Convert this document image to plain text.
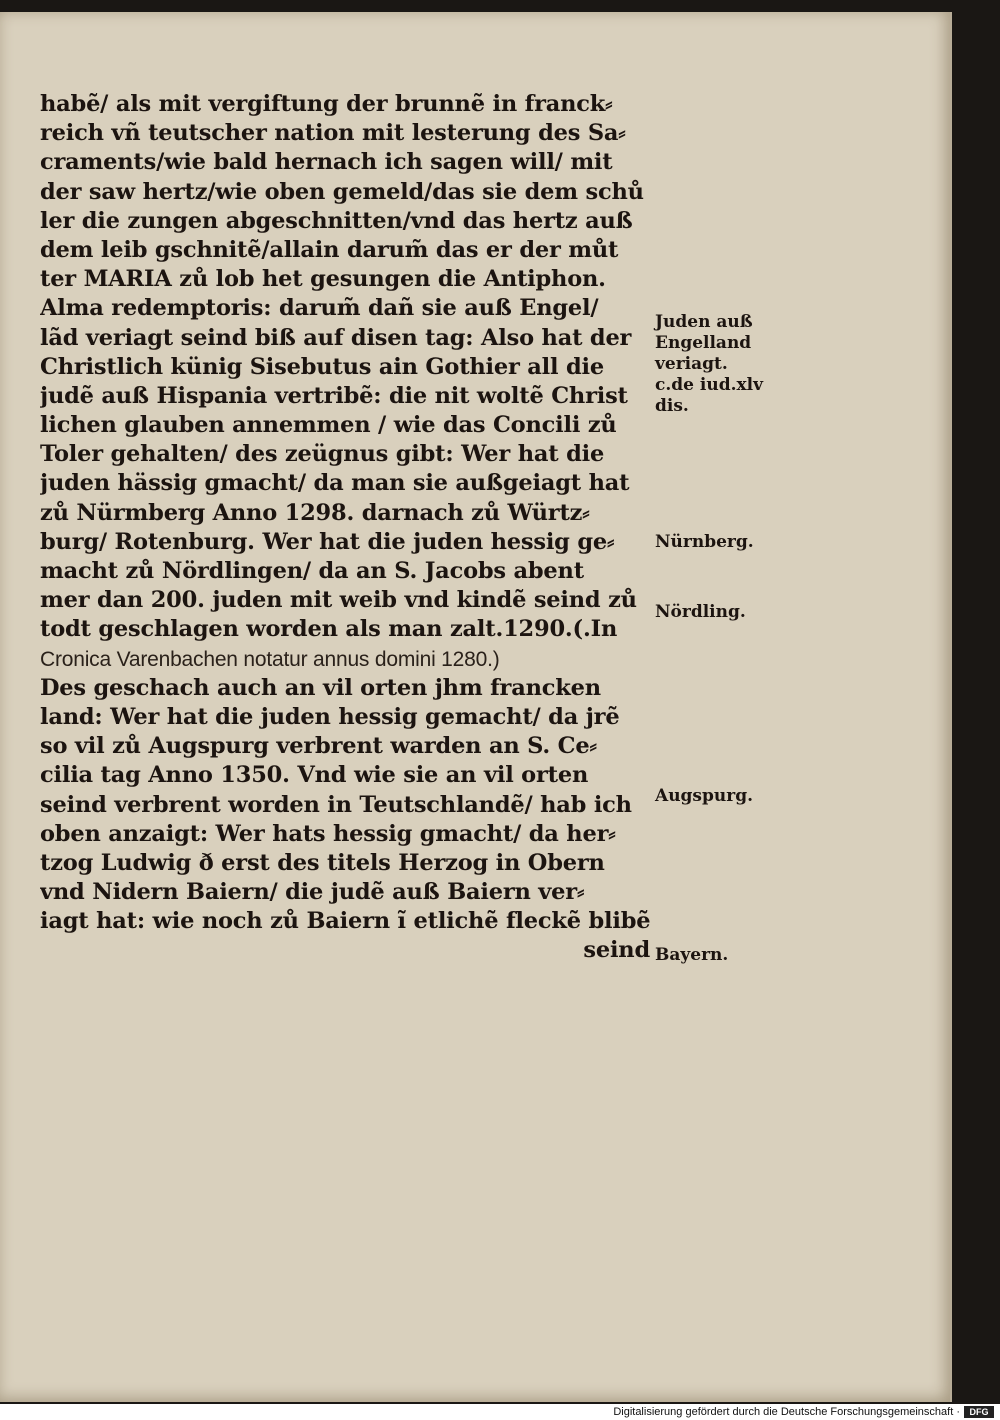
habẽ/ als mit vergiftung der brunnẽ in franck⸗
reich vñ teutscher nation mit lesterung des Sa⸗
craments/wie bald hernach ich sagen will/ mit
der saw hertz/wie oben gemeld/das sie dem schů
ler die zungen abgeschnitten/vnd das hertz auß
dem leib gschnitẽ/allain darum̃ das er der můt
ter MARIA zů lob het gesungen die Antiphon.
Alma redemptoris: darum̃ dañ sie auß Engel/
lãd veriagt seind biß auf disen tag: Also hat der
Christlich künig Sisebutus ain Gothier all die
judẽ auß Hispania vertribẽ: die nit woltẽ Christ
lichen glauben annemmen / wie das Concili zů
Toler gehalten/ des zeügnus gibt: Wer hat die
juden hässig gmacht/ da man sie außgeiagt hat
zů Nürmberg Anno 1298. darnach zů Würtz⸗
burg/ Rotenburg. Wer hat die juden hessig ge⸗
macht zů Nördlingen/ da an S. Jacobs abent
mer dan 200. juden mit weib vnd kindẽ seind zů
todt geschlagen worden als man zalt.1290.(.In
Cronica Varenbachen notatur annus domini 1280.)
Des geschach auch an vil orten jhm francken
land: Wer hat die juden hessig gemacht/ da jrẽ
so vil zů Augspurg verbrent warden an S. Ce⸗
cilia tag Anno 1350. Vnd wie sie an vil orten
seind verbrent worden in Teutschlandẽ/ hab ich
oben anzaigt: Wer hats hessig gmacht/ da her⸗
tzog Ludwig ð erst des titels Herzog in Obern
vnd Nidern Baiern/ die judẽ auß Baiern ver⸗
iagt hat: wie noch zů Baiern ĩ etlichẽ fleckẽ blibẽ
seind
Juden auß
Engelland
veriagt.
c.de iud.xlv
dis.
Nürnberg.
Nördling.
Augspurg.
Bayern.
Digitalisierung gefördert durch die Deutsche Forschungsgemeinschaft ·	DFG
